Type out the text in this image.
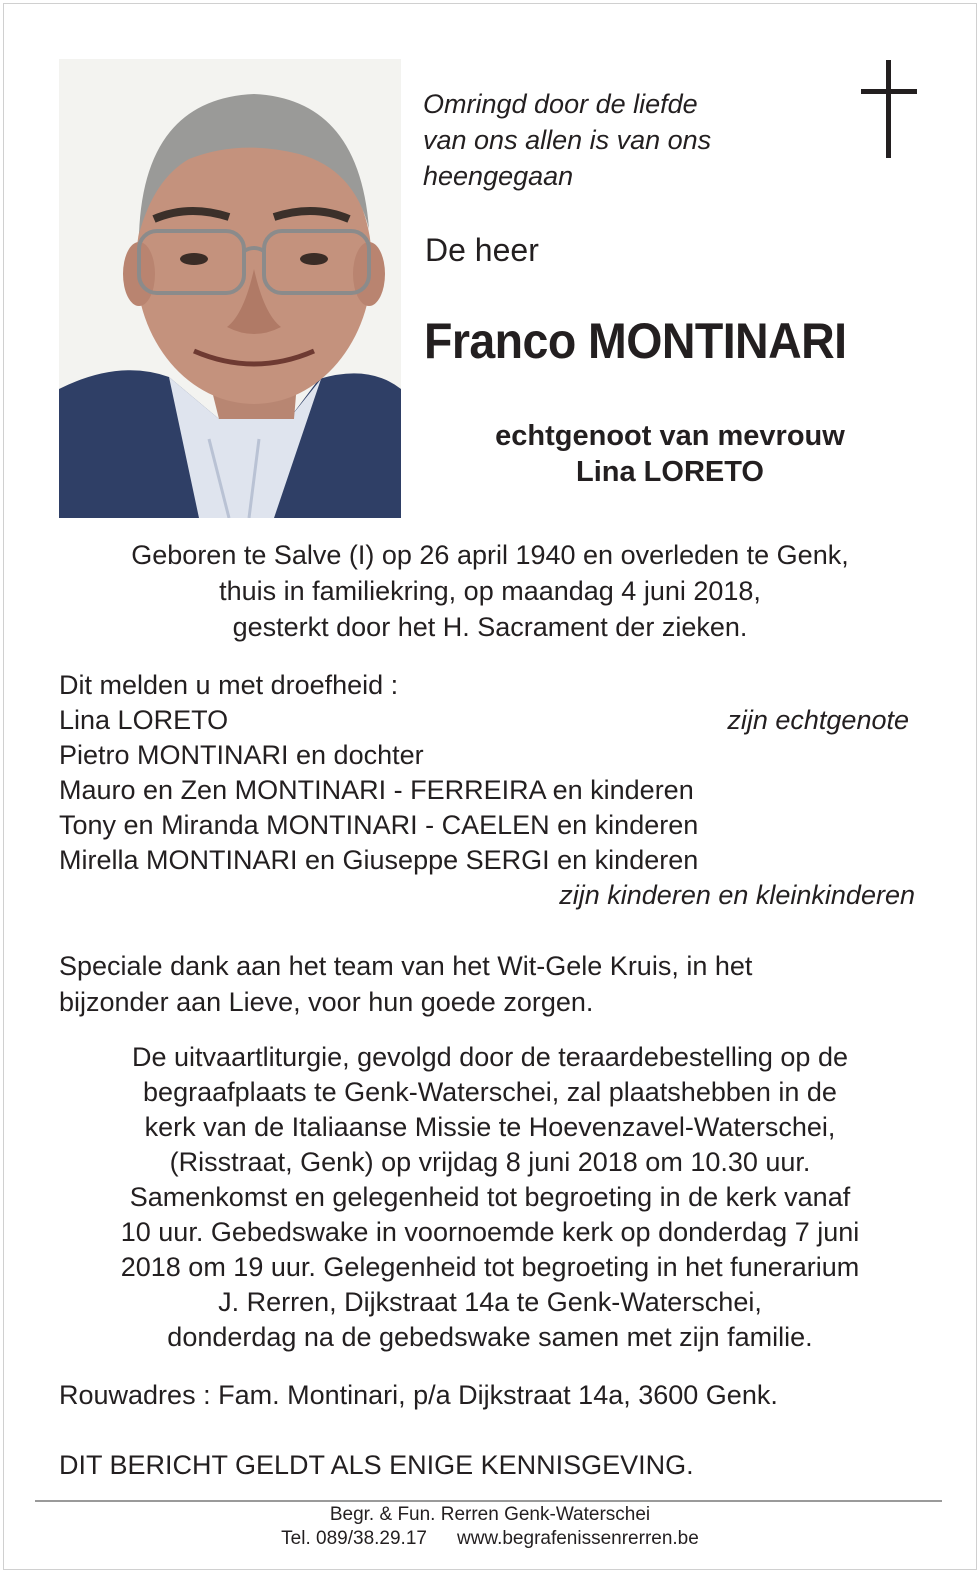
Omringd door de liefde
van ons allen is van ons
heengegaan
De heer
Franco MONTINARI
echtgenoot van mevrouw
Lina LORETO
Geboren te Salve (I) op 26 april 1940 en overleden te Genk,
thuis in familiekring, op maandag 4 juni 2018,
gesterkt door het H. Sacrament der zieken.
Dit melden u met droefheid :
Lina LORETO	zijn echtgenote
Pietro MONTINARI en dochter
Mauro en Zen MONTINARI - FERREIRA en kinderen
Tony en Miranda MONTINARI - CAELEN en kinderen
Mirella MONTINARI en Giuseppe SERGI en kinderen
zijn kinderen en kleinkinderen
Speciale dank aan het team van het Wit-Gele Kruis, in het
bijzonder aan Lieve, voor hun goede zorgen.
De uitvaartliturgie, gevolgd door de teraardebestelling op de
begraafplaats te Genk-Waterschei, zal plaatshebben in de
kerk van de Italiaanse Missie te Hoevenzavel-Waterschei,
(Risstraat, Genk) op vrijdag 8 juni 2018 om 10.30 uur.
Samenkomst en gelegenheid tot begroeting in de kerk vanaf
10 uur. Gebedswake in voornoemde kerk op donderdag 7 juni
2018 om 19 uur. Gelegenheid tot begroeting in het funerarium
J. Rerren, Dijkstraat 14a te Genk-Waterschei,
donderdag na de gebedswake samen met zijn familie.
Rouwadres : Fam. Montinari, p/a Dijkstraat 14a, 3600 Genk.
DIT BERICHT GELDT ALS ENIGE KENNISGEVING.
Begr. & Fun. Rerren Genk-Waterschei
Tel. 089/38.29.17 www.begrafenissenrerren.be
